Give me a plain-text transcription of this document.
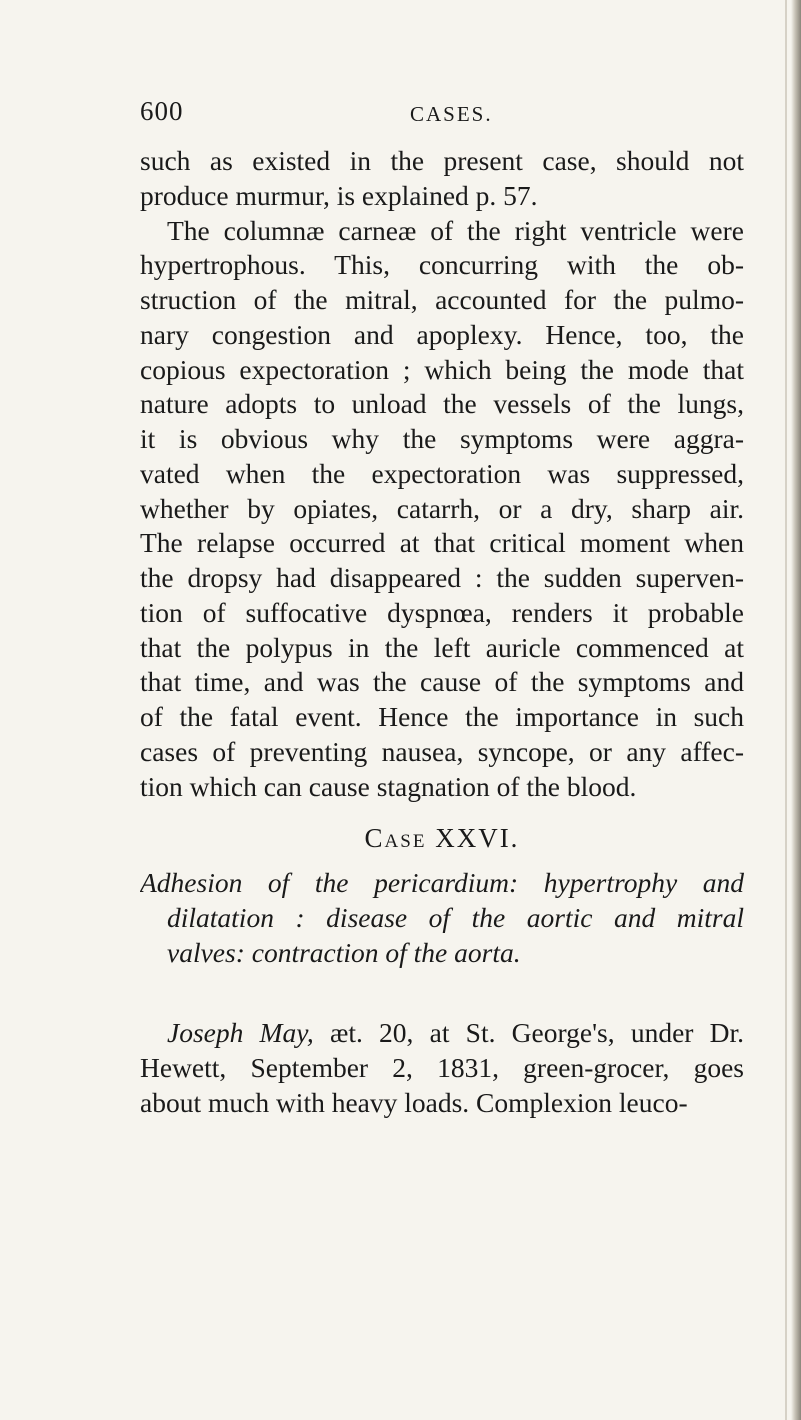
600	CASES.
such as existed in the present case, should not
produce murmur, is explained p. 57.
The columnæ carneæ of the right ventricle were
hypertrophous. This, concurring with the ob-
struction of the mitral, accounted for the pulmo-
nary congestion and apoplexy. Hence, too, the
copious expectoration ; which being the mode that
nature adopts to unload the vessels of the lungs,
it is obvious why the symptoms were aggra-
vated when the expectoration was suppressed,
whether by opiates, catarrh, or a dry, sharp air.
The relapse occurred at that critical moment when
the dropsy had disappeared : the sudden superven-
tion of suffocative dyspnœa, renders it probable
that the polypus in the left auricle commenced at
that time, and was the cause of the symptoms and
of the fatal event. Hence the importance in such
cases of preventing nausea, syncope, or any affec-
tion which can cause stagnation of the blood.
Case XXVI.
Adhesion of the pericardium: hypertrophy and
dilatation : disease of the aortic and mitral
valves: contraction of the aorta.
Joseph May, æt. 20, at St. George's, under Dr.
Hewett, September 2, 1831, green-grocer, goes
about much with heavy loads. Complexion leuco-
